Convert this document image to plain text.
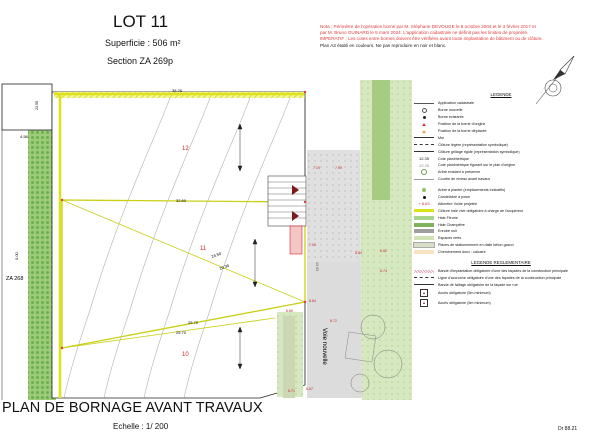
LOT 11
Superficie : 506 m²
Section ZA 269p
Nota : Périmètre de l'opération borné par M. Stéphane DEVOUGE le 5 octobre 2004 et le 3 février 2017 et
par M. Bruno GUINARD le 5 mars 2024. L'application cadastrale ne définit pas les limites de propriété.
IMPERATIF : Les cotes entre bornes doivent être vérifiées avant toute implantation de bâtiment ou de clôture.
Plan A3 établi en couleurs. Ne pas reproduire en noir et blanc.
12
11
10
38.26
0.00
4.58
23.55
32.60
25.70
25.70
24.50
20.30
ZA 268
7.19	7.09
6.84	6.52
6.74
6.84
6.80
6.72
6.71	6.67
7.00
13.93
Voie nouvelle
LEGENDE
Application cadastrale
Borne nouvelle
Borne existante
Position de la borne d'origine
Position de la borne déplacée
Mur
Clôture légère (représentation symbolique)
Clôture grillage rigide (représentation symbolique)
12.35	Cote planimétrique
12.35	Cote planimétrique figurant sur le plan d'origine
Arbre existant à préserver
Courbe de niveau avant travaux
Arbre à planter (emplacements indicatifs)
Candélabre à poser
+ 6.63	Altimètre Voirie projetée
Clôture haie vive obligatoire à charge de l'acquéreur
Haie Fleurie
Haie Champêtre
Enrobé noir
Espaces verts
Places de stationnement en dalle béton gazon
Cheminement doux : calcaire
LEGENDE REGLEMENTAIRE
Bande d'implantation obligatoire d'une des façades de la construction principale
Ligne d'accroche obligatoire d'une des façades de la construction principale
Bande de faîtage obligatoire de la façade sur rue
Accès obligatoire (5m minimum)
Accès obligatoire (5m minimum)
PLAN DE BORNAGE AVANT TRAVAUX
Echelle : 1/ 200	Dr 88.21
